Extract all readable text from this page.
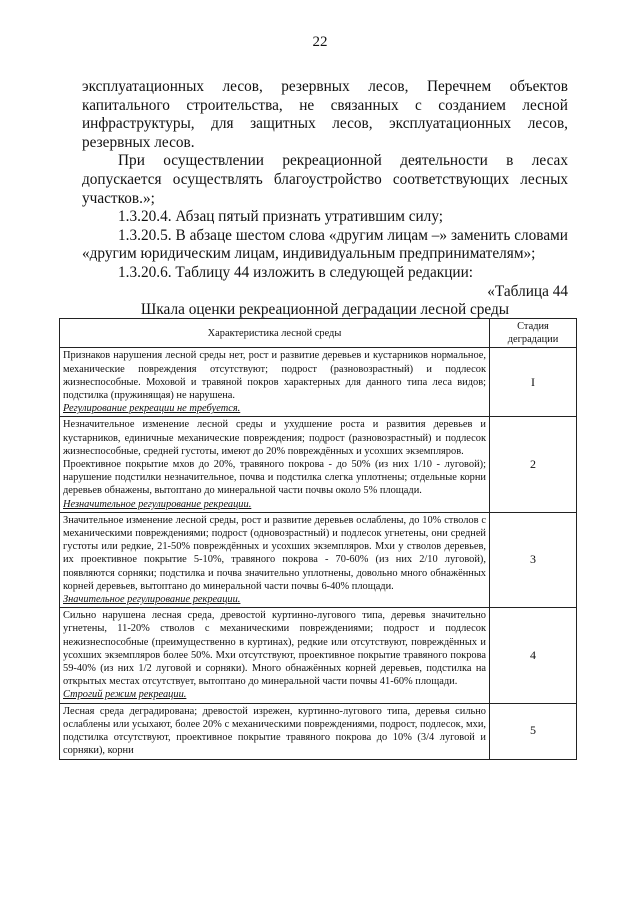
22

эксплуатационных лесов, резервных лесов, Перечнем объектов капитального строительства, не связанных с созданием лесной инфраструктуры, для защитных лесов, эксплуатационных лесов, резервных лесов.

При осуществлении рекреационной деятельности в лесах допускается осуществлять благоустройство соответствующих лесных участков.»;

1.3.20.4. Абзац пятый признать утратившим силу;

1.3.20.5. В абзаце шестом слова «другим лицам –» заменить словами «другим юридическим лицам, индивидуальным предпринимателям»;

1.3.20.6. Таблицу 44 изложить в следующей редакции:

«Таблица 44

Шкала оценки рекреационной деградации лесной среды

Характеристика лесной среды	Стадия деградации

Признаков нарушения лесной среды нет, рост и развитие деревьев и кустарников нормальное, механические повреждения отсутствуют; подрост (разновозрастный) и подлесок жизнеспособные. Моховой и травяной покров характерных для данного типа леса видов; подстилка (пружинящая) не нарушена.

Регулирование рекреации не требуется.	I

Незначительное изменение лесной среды и ухудшение роста и развития деревьев и кустарников, единичные механические повреждения; подрост (разновозрастный) и подлесок жизнеспособные, средней густоты, имеют до 20% повреждённых и усохших экземпляров.

Проективное покрытие мхов до 20%, травяного покрова - до 50% (из них 1/10 - луговой); нарушение подстилки незначительное, почва и подстилка слегка уплотнены; отдельные корни деревьев обнажены, вытоптано до минеральной части почвы около 5% площади.

Незначительное регулирование рекреации.	2

Значительное изменение лесной среды, рост и развитие деревьев ослаблены, до 10% стволов с механическими повреждениями; подрост (одновозрастный) и подлесок угнетены, они средней густоты или редкие, 21-50% повреждённых и усохших экземпляров. Мхи у стволов деревьев, их проективное покрытие 5-10%, травяного покрова - 70-60% (из них 2/10 луговой), появляются сорняки; подстилка и почва значительно уплотнены, довольно много обнажённых корней деревьев, вытоптано до минеральной части почвы 6-40% площади.

Значительное регулирование рекреации.	3

Сильно нарушена лесная среда, древостой куртинно-лугового типа, деревья значительно угнетены, 11-20% стволов с механическими повреждениями; подрост и подлесок нежизнеспособные (преимущественно в куртинах), редкие или отсутствуют, повреждённых и усохших экземпляров более 50%. Мхи отсутствуют, проективное покрытие травяного покрова 59-40% (из них 1/2 луговой и сорняки). Много обнажённых корней деревьев, подстилка на открытых местах отсутствует, вытоптано до минеральной части почвы 41-60% площади.

Строгий режим рекреации.	4

Лесная среда деградирована; древостой изрежен, куртинно-лугового типа, деревья сильно ослаблены или усыхают, более 20% с механическими повреждениями, подрост, подлесок, мхи, подстилка отсутствуют, проективное покрытие травяного покрова до 10% (3/4 луговой и сорняки), корни	5
